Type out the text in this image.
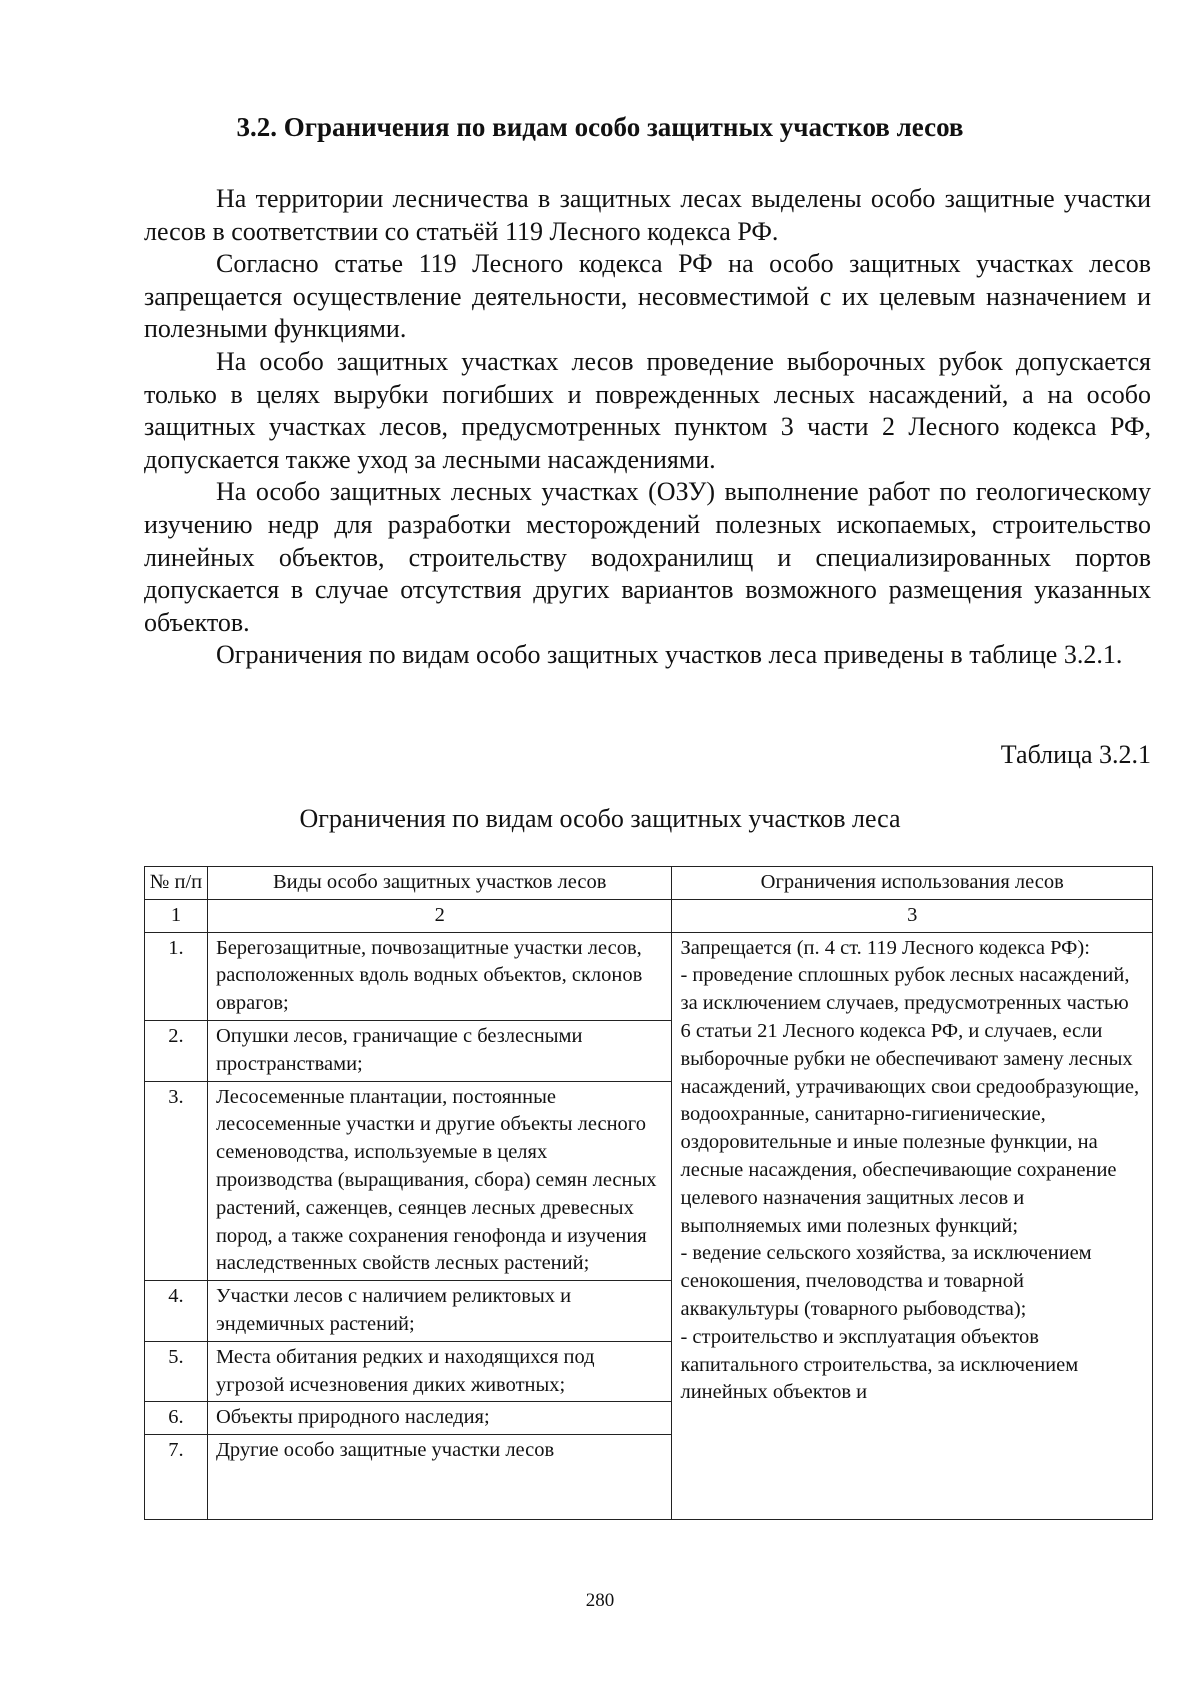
3.2. Ограничения по видам особо защитных участков лесов

На территории лесничества в защитных лесах выделены особо защитные участки лесов в соответствии со статьёй 119 Лесного кодекса РФ.

Согласно статье 119 Лесного кодекса РФ на особо защитных участках лесов запрещается осуществление деятельности, несовместимой с их целевым назначением и полезными функциями.

На особо защитных участках лесов проведение выборочных рубок допускается только в целях вырубки погибших и поврежденных лесных насаждений, а на особо защитных участках лесов, предусмотренных пунктом 3 части 2 Лесного кодекса РФ, допускается также уход за лесными насаждениями.

На особо защитных лесных участках (ОЗУ) выполнение работ по геологическому изучению недр для разработки месторождений полезных ископаемых, строительство линейных объектов, строительству водохранилищ и специализированных портов допускается в случае отсутствия других вариантов возможного размещения указанных объектов.

Ограничения по видам особо защитных участков леса приведены в таблице 3.2.1.

Таблица 3.2.1
Ограничения по видам особо защитных участков леса
№ п/п	Виды особо защитных участков лесов	Ограничения использования лесов
1	2	3
1.	Берегозащитные, почвозащитные участки лесов, расположенных вдоль водных объектов, склонов оврагов;	Запрещается (п. 4 ст. 119 Лесного кодекса РФ):
- проведение сплошных рубок лесных насаждений, за исключением случаев, предусмотренных частью 6 статьи 21 Лесного кодекса РФ, и случаев, если выборочные рубки не обеспечивают замену лесных насаждений, утрачивающих свои средообразующие, водоохранные, санитарно-гигиенические, оздоровительные и иные полезные функции, на лесные насаждения, обеспечивающие сохранение целевого назначения защитных лесов и выполняемых ими полезных функций;
- ведение сельского хозяйства, за исключением сенокошения, пчеловодства и товарной аквакультуры (товарного рыбоводства);
- строительство и эксплуатация объектов капитального строительства, за исключением линейных объектов и
2.	Опушки лесов, граничащие с безлесными пространствами;	
3.	Лесосеменные плантации, постоянные лесосеменные участки и другие объекты лесного семеноводства, используемые в целях производства (выращивания, сбора) семян лесных растений, саженцев, сеянцев лесных древесных пород, а также сохранения генофонда и изучения наследственных свойств лесных растений;	
4.	Участки лесов с наличием реликтовых и эндемичных растений;	
5.	Места обитания редких и находящихся под угрозой исчезновения диких животных;	
6.	Объекты природного наследия;	
7.	Другие особо защитные участки лесов	
280
